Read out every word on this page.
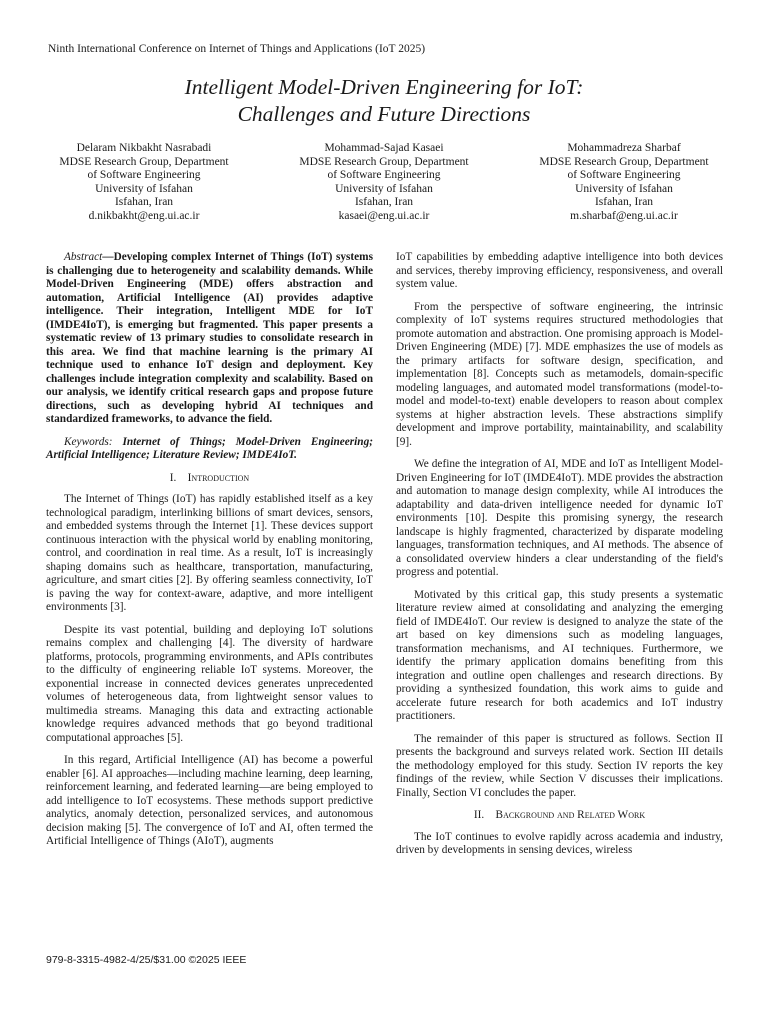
Ninth International Conference on Internet of Things and Applications (IoT 2025)
Intelligent Model-Driven Engineering for IoT:
Challenges and Future Directions
Delaram Nikbakht Nasrabadi
MDSE Research Group, Department
of Software Engineering
University of Isfahan
Isfahan, Iran
d.nikbakht@eng.ui.ac.ir
Mohammad-Sajad Kasaei
MDSE Research Group, Department
of Software Engineering
University of Isfahan
Isfahan, Iran
kasaei@eng.ui.ac.ir
Mohammadreza Sharbaf
MDSE Research Group, Department
of Software Engineering
University of Isfahan
Isfahan, Iran
m.sharbaf@eng.ui.ac.ir

Abstract—Developing complex Internet of Things (IoT) systems is challenging due to heterogeneity and scalability demands. While Model-Driven Engineering (MDE) offers abstraction and automation, Artificial Intelligence (AI) provides adaptive intelligence. Their integration, Intelligent MDE for IoT (IMDE4IoT), is emerging but fragmented. This paper presents a systematic review of 13 primary studies to consolidate research in this area. We find that machine learning is the primary AI technique used to enhance IoT design and deployment. Key challenges include integration complexity and scalability. Based on our analysis, we identify critical research gaps and propose future directions, such as developing hybrid AI techniques and standardized frameworks, to advance the field.

Keywords: Internet of Things; Model-Driven Engineering; Artificial Intelligence; Literature Review; IMDE4IoT.

I. Introduction

The Internet of Things (IoT) has rapidly established itself as a key technological paradigm, interlinking billions of smart devices, sensors, and embedded systems through the Internet [1]. These devices support continuous interaction with the physical world by enabling monitoring, control, and coordination in real time. As a result, IoT is increasingly shaping domains such as healthcare, transportation, manufacturing, agriculture, and smart cities [2]. By offering seamless connectivity, IoT is paving the way for context-aware, adaptive, and more intelligent environments [3].

Despite its vast potential, building and deploying IoT solutions remains complex and challenging [4]. The diversity of hardware platforms, protocols, programming environments, and APIs contributes to the difficulty of engineering reliable IoT systems. Moreover, the exponential increase in connected devices generates unprecedented volumes of heterogeneous data, from lightweight sensor values to multimedia streams. Managing this data and extracting actionable knowledge requires advanced methods that go beyond traditional computational approaches [5].

In this regard, Artificial Intelligence (AI) has become a powerful enabler [6]. AI approaches—including machine learning, deep learning, reinforcement learning, and federated learning—are being employed to add intelligence to IoT ecosystems. These methods support predictive analytics, anomaly detection, personalized services, and autonomous decision making [5]. The convergence of IoT and AI, often termed the Artificial Intelligence of Things (AIoT), augments

IoT capabilities by embedding adaptive intelligence into both devices and services, thereby improving efficiency, responsiveness, and overall system value.

From the perspective of software engineering, the intrinsic complexity of IoT systems requires structured methodologies that promote automation and abstraction. One promising approach is Model-Driven Engineering (MDE) [7]. MDE emphasizes the use of models as the primary artifacts for software design, specification, and implementation [8]. Concepts such as metamodels, domain-specific modeling languages, and automated model transformations (model-to-model and model-to-text) enable developers to reason about complex systems at higher abstraction levels. These abstractions simplify development and improve portability, maintainability, and scalability [9].

We define the integration of AI, MDE and IoT as Intelligent Model-Driven Engineering for IoT (IMDE4IoT). MDE provides the abstraction and automation to manage design complexity, while AI introduces the adaptability and data-driven intelligence needed for dynamic IoT environments [10]. Despite this promising synergy, the research landscape is highly fragmented, characterized by disparate modeling languages, transformation techniques, and AI methods. The absence of a consolidated overview hinders a clear understanding of the field's progress and potential.

Motivated by this critical gap, this study presents a systematic literature review aimed at consolidating and analyzing the emerging field of IMDE4IoT. Our review is designed to analyze the state of the art based on key dimensions such as modeling languages, transformation mechanisms, and AI techniques. Furthermore, we identify the primary application domains benefiting from this integration and outline open challenges and research directions. By providing a synthesized foundation, this work aims to guide and accelerate future research for both academics and IoT industry practitioners.

The remainder of this paper is structured as follows. Section II presents the background and surveys related work. Section III details the methodology employed for this study. Section IV reports the key findings of the review, while Section V discusses their implications. Finally, Section VI concludes the paper.

II. Background and Related Work

The IoT continues to evolve rapidly across academia and industry, driven by developments in sensing devices, wireless

979-8-3315-4982-4/25/$31.00 ©2025 IEEE
